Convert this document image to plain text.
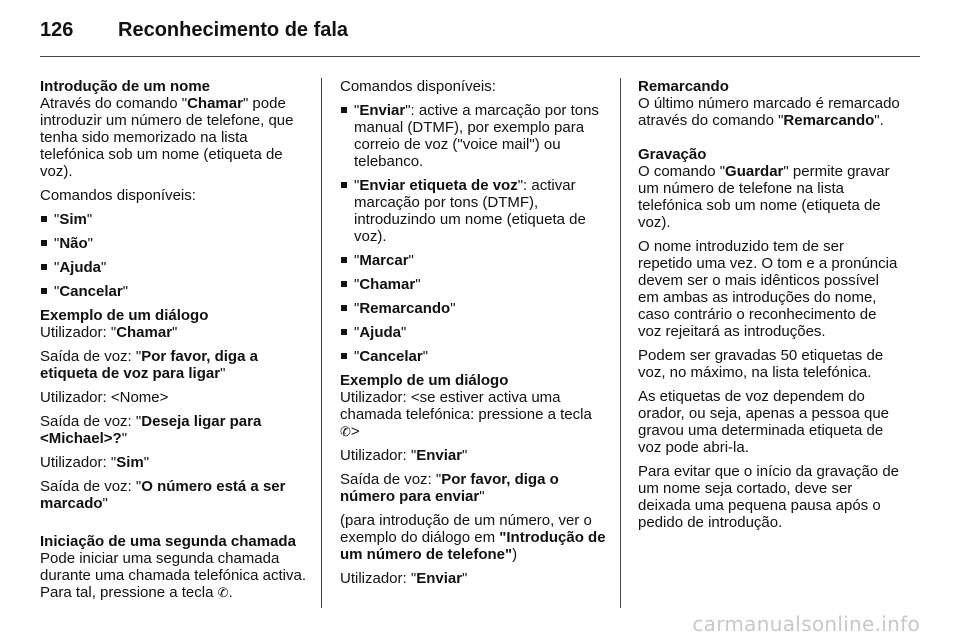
126	Reconhecimento de fala

Introdução de um nome

Através do comando "Chamar" pode introduzir um número de telefone, que tenha sido memorizado na lista telefónica sob um nome (etiqueta de voz).

Comandos disponíveis:

"Sim"
"Não"
"Ajuda"
"Cancelar"

Exemplo de um diálogo

Utilizador: "Chamar"

Saída de voz: "Por favor, diga a etiqueta de voz para ligar"

Utilizador: <Nome>

Saída de voz: "Deseja ligar para <Michael>?"

Utilizador: "Sim"

Saída de voz: "O número está a ser marcado"

Iniciação de uma segunda chamada

Pode iniciar uma segunda chamada durante uma chamada telefónica activa. Para tal, pressione a tecla ✆.

Comandos disponíveis:

"Enviar": active a marcação por tons manual (DTMF), por exemplo para correio de voz ("voice mail") ou telebanco.
"Enviar etiqueta de voz": activar marcação por tons (DTMF), introduzindo um nome (etiqueta de voz).
"Marcar"
"Chamar"
"Remarcando"
"Ajuda"
"Cancelar"

Exemplo de um diálogo

Utilizador: <se estiver activa uma chamada telefónica: pressione a tecla ✆>

Utilizador: "Enviar"

Saída de voz: "Por favor, diga o número para enviar"

(para introdução de um número, ver o exemplo do diálogo em "Introdução de um número de telefone")

Utilizador: "Enviar"

Remarcando

O último número marcado é remarcado através do comando "Remarcando".

Gravação

O comando "Guardar" permite gravar um número de telefone na lista telefónica sob um nome (etiqueta de voz).

O nome introduzido tem de ser repetido uma vez. O tom e a pronúncia devem ser o mais idênticos possível em ambas as introduções do nome, caso contrário o reconhecimento de voz rejeitará as introduções.

Podem ser gravadas 50 etiquetas de voz, no máximo, na lista telefónica.

As etiquetas de voz dependem do orador, ou seja, apenas a pessoa que gravou uma determinada etiqueta de voz pode abri-la.

Para evitar que o início da gravação de um nome seja cortado, deve ser deixada uma pequena pausa após o pedido de introdução.

carmanualsonline.info
